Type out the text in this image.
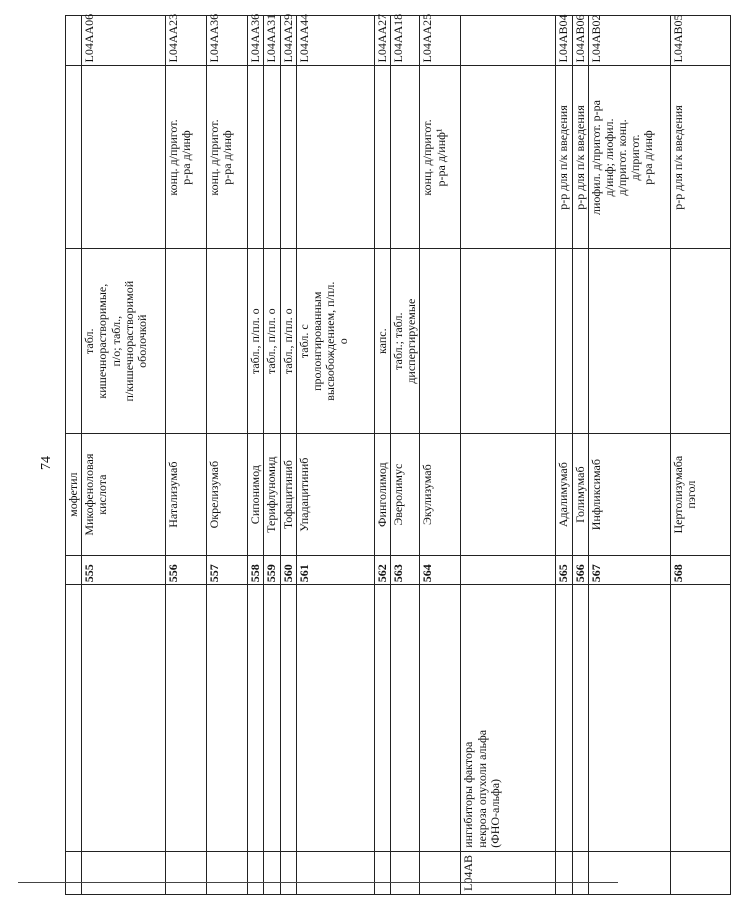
74

			мофетил			

		555	Микофеноловая
кислота	табл.
кишечнорастворимые,
п/о; табл.,
п/кишечнорастворимой
оболочкой		L04AA06

		556	Натализумаб		конц. д/пригот.
р-ра д/инф	L04AA23

		557	Окрелизумаб		конц. д/пригот.
р-ра д/инф	L04AA36

		558	Сипонимод	табл., п/пл. о		L04AA36

		559	Терифлуномид	табл., п/пл. о		L04AA31

		560	Тофацитиниб	табл., п/пл. о		L04AA29

		561	Упадацитиниб	табл. с
пролонгированным
высвобождением, п/пл.
о		L04AA44

		562	Финголимод	капс.		L04AA27

		563	Эверолимус	табл.; табл.
диспергируемые		L04AA18

		564	Экулизумаб		конц. д/пригот.
р-ра д/инф¹	L04AA25

L04AB	ингибиторы фактора
некроза опухоли альфа
(ФНО-альфа)					

		565	Адалимумаб		р-р для п/к введения	L04AB04

		566	Голимумаб		р-р для п/к введения	L04AB06

		567	Инфликсимаб		лиофил. д/пригот. р-ра
д/инф; лиофил.
д/пригот. конц.
д/пригот.
р-ра д/инф	L04AB02

		568	Цертолизумаба
пэгол		р-р для п/к введения	L04AB05
